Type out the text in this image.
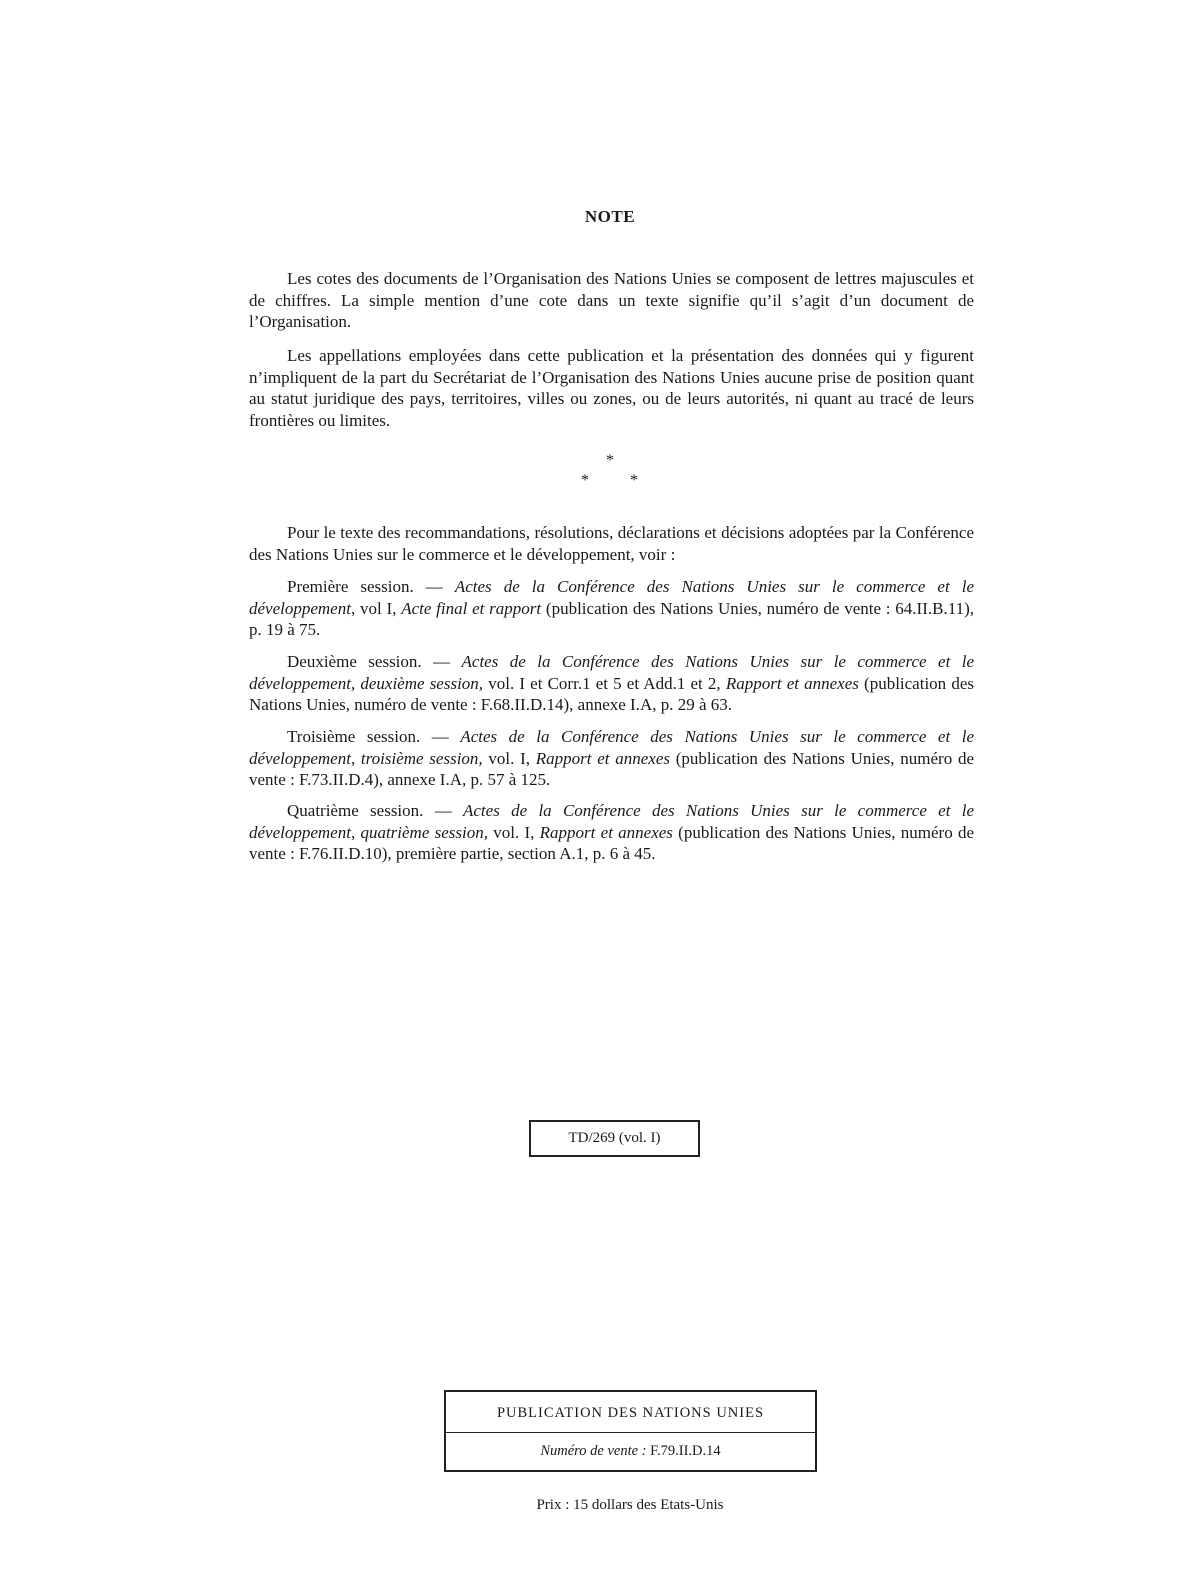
NOTE

Les cotes des documents de l’Organisation des Nations Unies se composent de lettres majuscules et de chiffres. La simple mention d’une cote dans un texte signifie qu’il s’agit d’un document de l’Organisation.

Les appellations employées dans cette publication et la présentation des données qui y figurent n’impliquent de la part du Secrétariat de l’Organisation des Nations Unies aucune prise de position quant au statut juridique des pays, territoires, villes ou zones, ou de leurs autorités, ni quant au tracé de leurs frontières ou limites.

*
*	*

Pour le texte des recommandations, résolutions, déclarations et décisions adoptées par la Conférence des Nations Unies sur le commerce et le développement, voir :

Première session. — Actes de la Conférence des Nations Unies sur le commerce et le développement, vol I, Acte final et rapport (publication des Nations Unies, numéro de vente : 64.II.B.11), p. 19 à 75.

Deuxième session. — Actes de la Conférence des Nations Unies sur le commerce et le développement, deuxième session, vol. I et Corr.1 et 5 et Add.1 et 2, Rapport et annexes (publication des Nations Unies, numéro de vente : F.68.II.D.14), annexe I.A, p. 29 à 63.

Troisième session. — Actes de la Conférence des Nations Unies sur le commerce et le développement, troisième session, vol. I, Rapport et annexes (publication des Nations Unies, numéro de vente : F.73.II.D.4), annexe I.A, p. 57 à 125.

Quatrième session. — Actes de la Conférence des Nations Unies sur le commerce et le développement, quatrième session, vol. I, Rapport et annexes (publication des Nations Unies, numéro de vente : F.76.II.D.10), première partie, section A.1, p. 6 à 45.

TD/269 (vol. I)
PUBLICATION DES NATIONS UNIES
Numéro de vente : F.79.II.D.14
Prix : 15 dollars des Etats-Unis
